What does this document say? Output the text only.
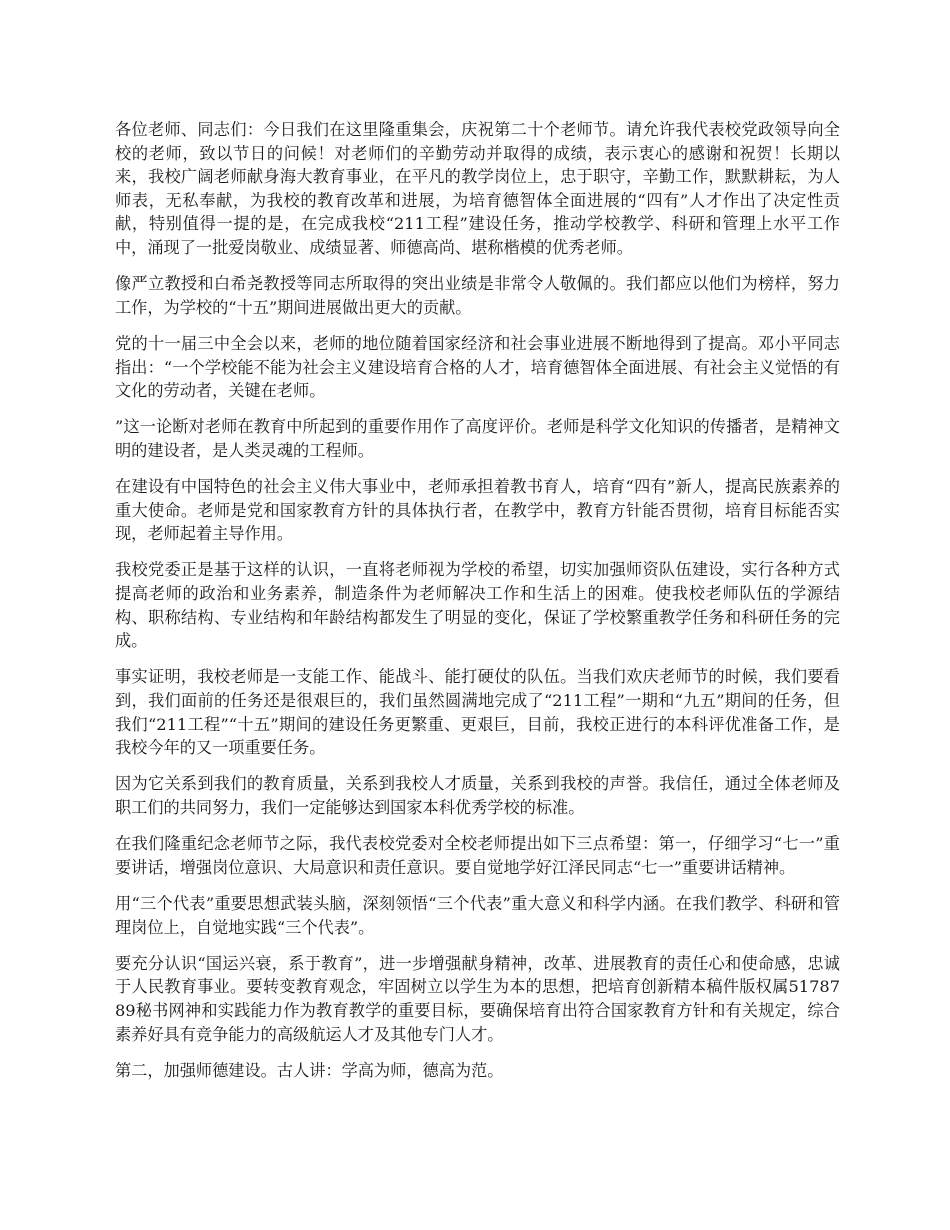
各位老师、同志们：今日我们在这里隆重集会，庆祝第二十个老师节。请允许我代表校党政领导向全校的老师，致以节日的问候！对老师们的辛勤劳动并取得的成绩，表示衷心的感谢和祝贺！长期以来，我校广阔老师献身海大教育事业，在平凡的教学岗位上，忠于职守，辛勤工作，默默耕耘，为人师表，无私奉献，为我校的教育改革和进展，为培育德智体全面进展的“四有”人才作出了决定性贡献，特别值得一提的是，在完成我校“211工程”建设任务，推动学校教学、科研和管理上水平工作中，涌现了一批爱岗敬业、成绩显著、师德高尚、堪称楷模的优秀老师。

像严立教授和白希尧教授等同志所取得的突出业绩是非常令人敬佩的。我们都应以他们为榜样，努力工作，为学校的“十五”期间进展做出更大的贡献。

党的十一届三中全会以来，老师的地位随着国家经济和社会事业进展不断地得到了提高。邓小平同志指出：“一个学校能不能为社会主义建设培育合格的人才，培育德智体全面进展、有社会主义觉悟的有文化的劳动者，关键在老师。

”这一论断对老师在教育中所起到的重要作用作了高度评价。老师是科学文化知识的传播者，是精神文明的建设者，是人类灵魂的工程师。

在建设有中国特色的社会主义伟大事业中，老师承担着教书育人，培育“四有”新人，提高民族素养的重大使命。老师是党和国家教育方针的具体执行者，在教学中，教育方针能否贯彻，培育目标能否实现，老师起着主导作用。

我校党委正是基于这样的认识，一直将老师视为学校的希望，切实加强师资队伍建设，实行各种方式提高老师的政治和业务素养，制造条件为老师解决工作和生活上的困难。使我校老师队伍的学源结构、职称结构、专业结构和年龄结构都发生了明显的变化，保证了学校繁重教学任务和科研任务的完成。

事实证明，我校老师是一支能工作、能战斗、能打硬仗的队伍。当我们欢庆老师节的时候，我们要看到，我们面前的任务还是很艰巨的，我们虽然圆满地完成了“211工程”一期和“九五”期间的任务，但我们“211工程”“十五”期间的建设任务更繁重、更艰巨，目前，我校正进行的本科评优准备工作，是我校今年的又一项重要任务。

因为它关系到我们的教育质量，关系到我校人才质量，关系到我校的声誉。我信任，通过全体老师及职工们的共同努力，我们一定能够达到国家本科优秀学校的标准。

在我们隆重纪念老师节之际，我代表校党委对全校老师提出如下三点希望：第一，仔细学习“七一”重要讲话，增强岗位意识、大局意识和责任意识。要自觉地学好江泽民同志“七一”重要讲话精神。

用“三个代表”重要思想武装头脑，深刻领悟“三个代表”重大意义和科学内涵。在我们教学、科研和管理岗位上，自觉地实践“三个代表”。

要充分认识“国运兴衰，系于教育”，进一步增强献身精神，改革、进展教育的责任心和使命感，忠诚于人民教育事业。要转变教育观念，牢固树立以学生为本的思想，把培育创新精本稿件版权属5178789秘书网神和实践能力作为教育教学的重要目标，要确保培育出符合国家教育方针和有关规定，综合素养好具有竞争能力的高级航运人才及其他专门人才。

第二，加强师德建设。古人讲：学高为师，德高为范。
